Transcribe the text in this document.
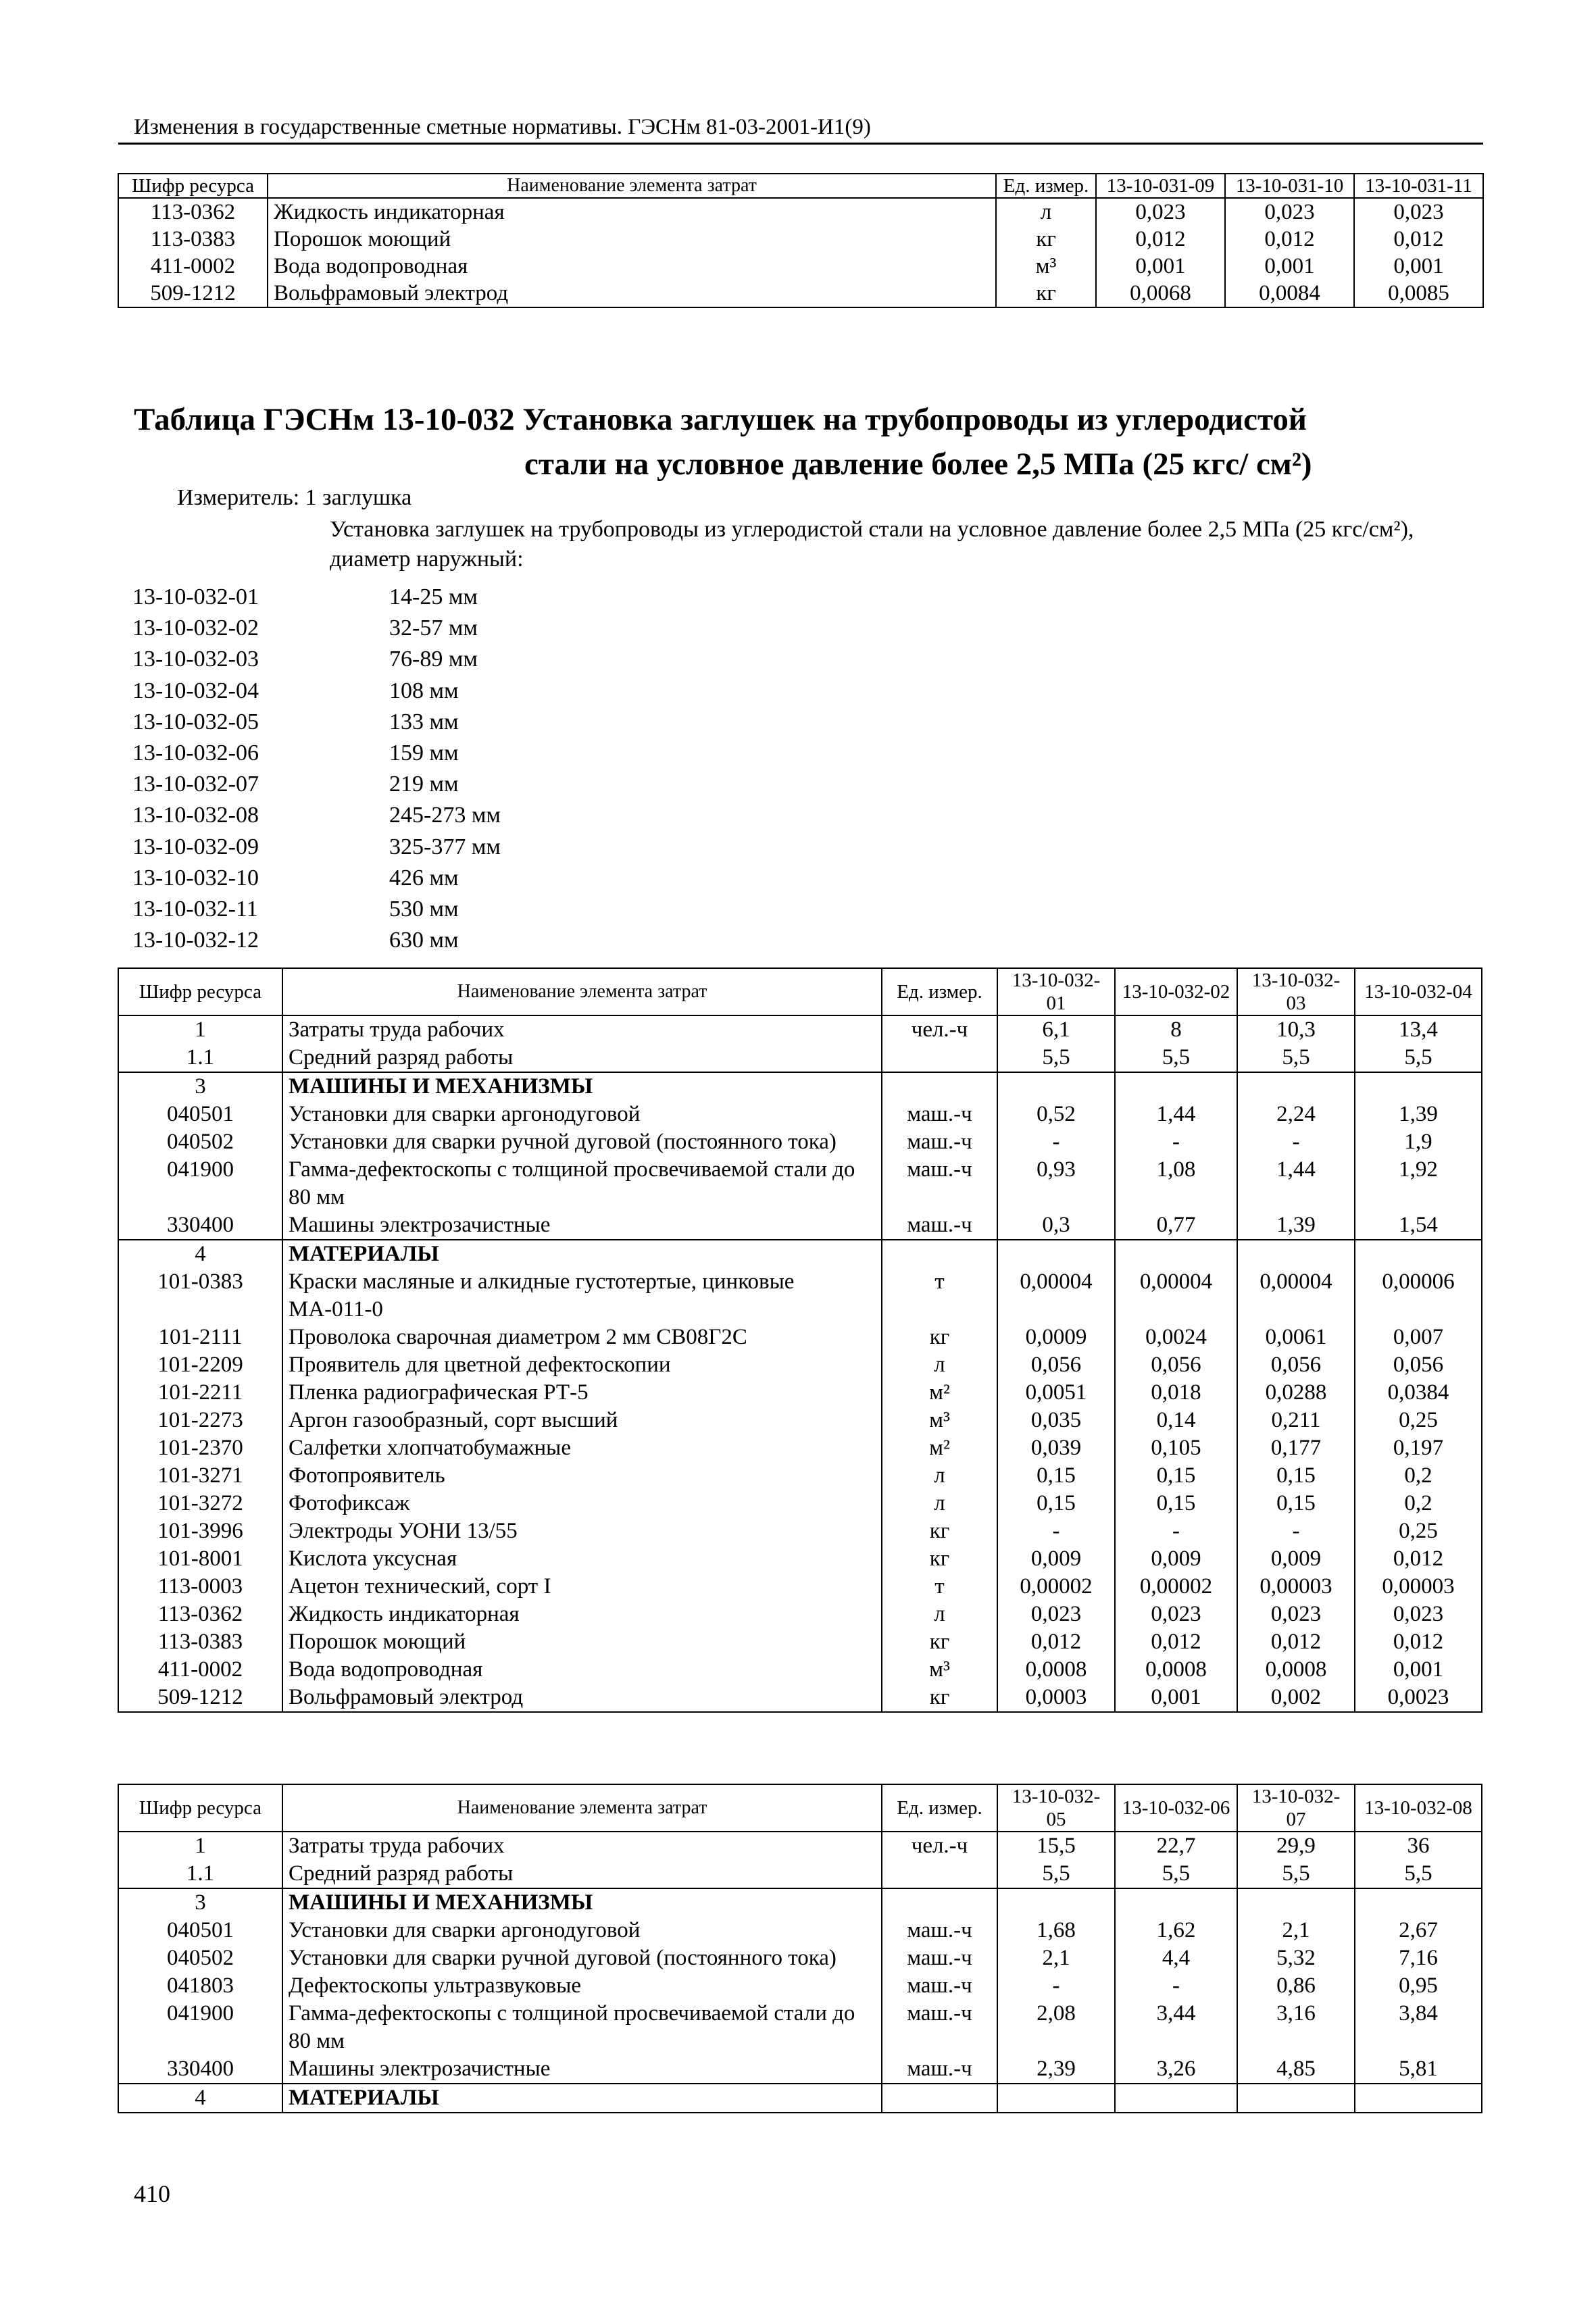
Изменения в государственные сметные нормативы. ГЭСНм 81-03-2001-И1(9)
Шифр ресурса	Наименование элемента затрат	Ед. измер.	13-10-031-09	13-10-031-10	13-10-031-11
113-0362	Жидкость индикаторная	л	0,023	0,023	0,023
113-0383	Порошок моющий	кг	0,012	0,012	0,012
411-0002	Вода водопроводная	м³	0,001	0,001	0,001
509-1212	Вольфрамовый электрод	кг	0,0068	0,0084	0,0085
Таблица ГЭСНм 13-10-032 Установка заглушек на трубопроводы из углеродистой
стали на условное давление более 2,5 МПа (25 кгс/ см²)
Измеритель: 1 заглушка
Установка заглушек на трубопроводы из углеродистой стали на условное давление более 2,5 МПа (25 кгс/см²), диаметр наружный:
13-10-032-01	14-25 мм
13-10-032-02	32-57 мм
13-10-032-03	76-89 мм
13-10-032-04	108 мм
13-10-032-05	133 мм
13-10-032-06	159 мм
13-10-032-07	219 мм
13-10-032-08	245-273 мм
13-10-032-09	325-377 мм
13-10-032-10	426 мм
13-10-032-11	530 мм
13-10-032-12	630 мм
Шифр ресурса	Наименование элемента затрат	Ед. измер.	13-10-032-01	13-10-032-02	13-10-032-03	13-10-032-04
1	Затраты труда рабочих	чел.-ч	6,1	8	10,3	13,4
1.1	Средний разряд работы		5,5	5,5	5,5	5,5
3	МАШИНЫ И МЕХАНИЗМЫ					
040501	Установки для сварки аргонодуговой	маш.-ч	0,52	1,44	2,24	1,39
040502	Установки для сварки ручной дуговой (постоянного тока)	маш.-ч	-	-	-	1,9
041900	Гамма-дефектоскопы с толщиной просвечиваемой стали до 80 мм	маш.-ч	0,93	1,08	1,44	1,92
330400	Машины электрозачистные	маш.-ч	0,3	0,77	1,39	1,54
4	МАТЕРИАЛЫ					
101-0383	Краски масляные и алкидные густотертые, цинковые МА-011-0	т	0,00004	0,00004	0,00004	0,00006
101-2111	Проволока сварочная диаметром 2 мм СВ08Г2С	кг	0,0009	0,0024	0,0061	0,007
101-2209	Проявитель для цветной дефектоскопии	л	0,056	0,056	0,056	0,056
101-2211	Пленка радиографическая РТ-5	м²	0,0051	0,018	0,0288	0,0384
101-2273	Аргон газообразный, сорт высший	м³	0,035	0,14	0,211	0,25
101-2370	Салфетки хлопчатобумажные	м²	0,039	0,105	0,177	0,197
101-3271	Фотопроявитель	л	0,15	0,15	0,15	0,2
101-3272	Фотофиксаж	л	0,15	0,15	0,15	0,2
101-3996	Электроды УОНИ 13/55	кг	-	-	-	0,25
101-8001	Кислота уксусная	кг	0,009	0,009	0,009	0,012
113-0003	Ацетон технический, сорт I	т	0,00002	0,00002	0,00003	0,00003
113-0362	Жидкость индикаторная	л	0,023	0,023	0,023	0,023
113-0383	Порошок моющий	кг	0,012	0,012	0,012	0,012
411-0002	Вода водопроводная	м³	0,0008	0,0008	0,0008	0,001
509-1212	Вольфрамовый электрод	кг	0,0003	0,001	0,002	0,0023
Шифр ресурса	Наименование элемента затрат	Ед. измер.	13-10-032-05	13-10-032-06	13-10-032-07	13-10-032-08
1	Затраты труда рабочих	чел.-ч	15,5	22,7	29,9	36
1.1	Средний разряд работы		5,5	5,5	5,5	5,5
3	МАШИНЫ И МЕХАНИЗМЫ					
040501	Установки для сварки аргонодуговой	маш.-ч	1,68	1,62	2,1	2,67
040502	Установки для сварки ручной дуговой (постоянного тока)	маш.-ч	2,1	4,4	5,32	7,16
041803	Дефектоскопы ультразвуковые	маш.-ч	-	-	0,86	0,95
041900	Гамма-дефектоскопы с толщиной просвечиваемой стали до 80 мм	маш.-ч	2,08	3,44	3,16	3,84
330400	Машины электрозачистные	маш.-ч	2,39	3,26	4,85	5,81
4	МАТЕРИАЛЫ					
410
